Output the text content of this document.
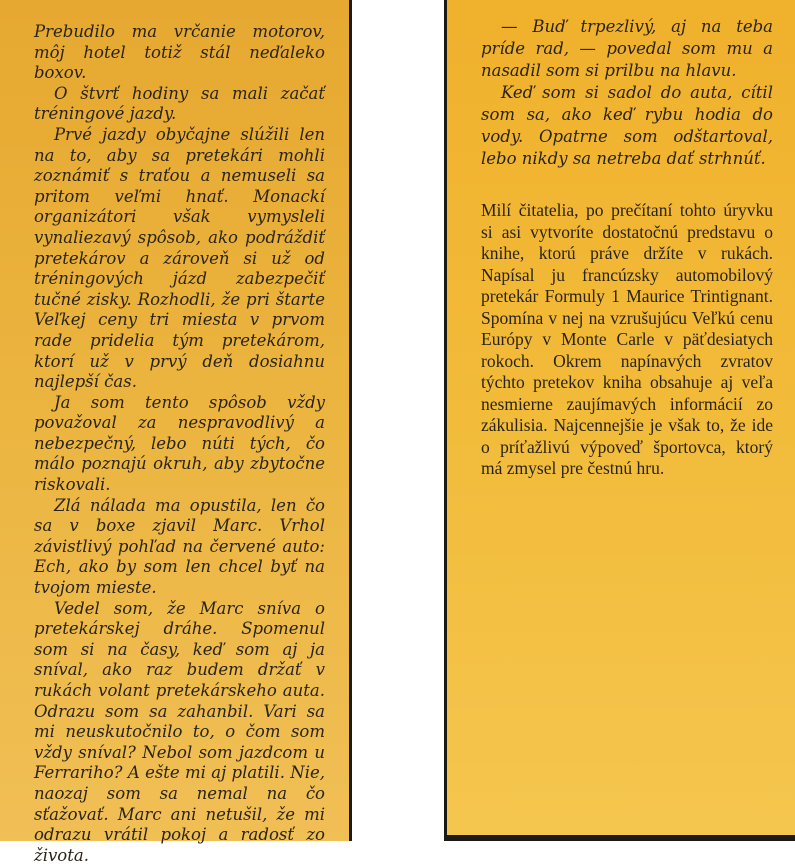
Prebudilo ma vrčanie motorov, môj hotel totiž stál neďaleko boxov.

O štvrť hodiny sa mali začať tréningové jazdy.

Prvé jazdy obyčajne slúžili len na to, aby sa pretekári mohli zoznámiť s traťou a nemuseli sa pritom veľmi hnať. Monackí organizátori však vymysleli vynaliezavý spôsob, ako podráždiť pretekárov a zároveň si už od tréningových jázd zabezpečiť tučné zisky. Rozhodli, že pri štarte Veľkej ceny tri miesta v prvom rade pridelia tým pretekárom, ktorí už v prvý deň dosiahnu najlepší čas.

Ja som tento spôsob vždy považoval za nespravodlivý a nebezpečný, lebo núti tých, čo málo poznajú okruh, aby zbytočne riskovali.

Zlá nálada ma opustila, len čo sa v boxe zjavil Marc. Vrhol závistlivý pohľad na červené auto: Ech, ako by som len chcel byť na tvojom mieste.

Vedel som, že Marc sníva o pretekárskej dráhe. Spomenul som si na časy, keď som aj ja sníval, ako raz budem držať v rukách volant pretekárskeho auta. Odrazu som sa zahanbil. Vari sa mi neuskutočnilo to, o čom som vždy sníval? Nebol som jazdcom u Ferrariho? A ešte mi aj platili. Nie, naozaj som sa nemal na čo sťažovať. Marc ani netušil, že mi odrazu vrátil pokoj a radosť zo života.

— Buď trpezlivý, aj na teba príde rad, — povedal som mu a nasadil som si prilbu na hlavu.

Keď som si sadol do auta, cítil som sa, ako keď rybu hodia do vody. Opatrne som odštartoval, lebo nikdy sa netreba dať strhnúť.

Milí čitatelia, po prečítaní tohto úryvku si asi vytvoríte dostatočnú predstavu o knihe, ktorú práve držíte v rukách. Napísal ju francúzsky automobilový pretekár Formuly 1 Maurice Trintignant. Spomína v nej na vzrušujúcu Veľkú cenu Európy v Monte Carle v päťdesiatych rokoch. Okrem napínavých zvratov týchto pretekov kniha obsahuje aj veľa nesmierne zaujímavých informácií zo zákulisia. Najcennejšie je však to, že ide o príťažlivú výpoveď športovca, ktorý má zmysel pre čestnú hru.
